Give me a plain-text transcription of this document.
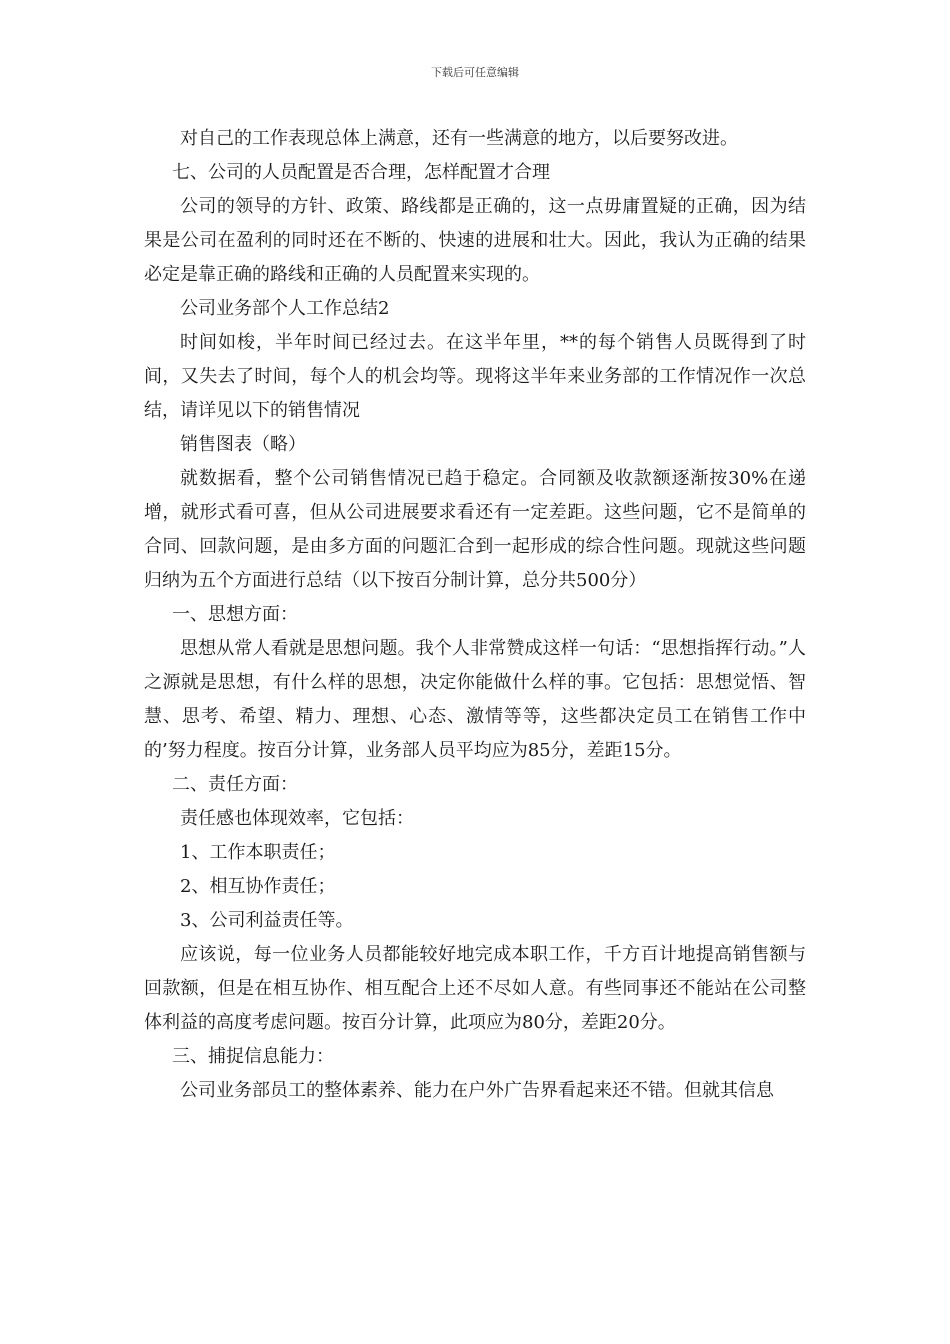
下载后可任意编辑

对自己的工作表现总体上满意，还有一些满意的地方，以后要努改进。

七、公司的人员配置是否合理，怎样配置才合理

公司的领导的方针、政策、路线都是正确的，这一点毋庸置疑的正确，因为结果是公司在盈利的同时还在不断的、快速的进展和壮大。因此，我认为正确的结果必定是靠正确的路线和正确的人员配置来实现的。

公司业务部个人工作总结2

时间如梭，半年时间已经过去。在这半年里，**的每个销售人员既得到了时间，又失去了时间，每个人的机会均等。现将这半年来业务部的工作情况作一次总结，请详见以下的销售情况

销售图表（略）

就数据看，整个公司销售情况已趋于稳定。合同额及收款额逐渐按30%在递增，就形式看可喜，但从公司进展要求看还有一定差距。这些问题，它不是简单的合同、回款问题，是由多方面的问题汇合到一起形成的综合性问题。现就这些问题归纳为五个方面进行总结（以下按百分制计算，总分共500分）

一、思想方面：

思想从常人看就是思想问题。我个人非常赞成这样一句话：“思想指挥行动。”人之源就是思想，有什么样的思想，决定你能做什么样的事。它包括：思想觉悟、智慧、思考、希望、精力、理想、心态、激情等等，这些都决定员工在销售工作中的’努力程度。按百分计算，业务部人员平均应为85分，差距15分。

二、责任方面：

责任感也体现效率，它包括：

1、工作本职责任；

2、相互协作责任；

3、公司利益责任等。

应该说，每一位业务人员都能较好地完成本职工作，千方百计地提高销售额与回款额，但是在相互协作、相互配合上还不尽如人意。有些同事还不能站在公司整体利益的高度考虑问题。按百分计算，此项应为80分，差距20分。

三、捕捉信息能力：

公司业务部员工的整体素养、能力在户外广告界看起来还不错。但就其信息
